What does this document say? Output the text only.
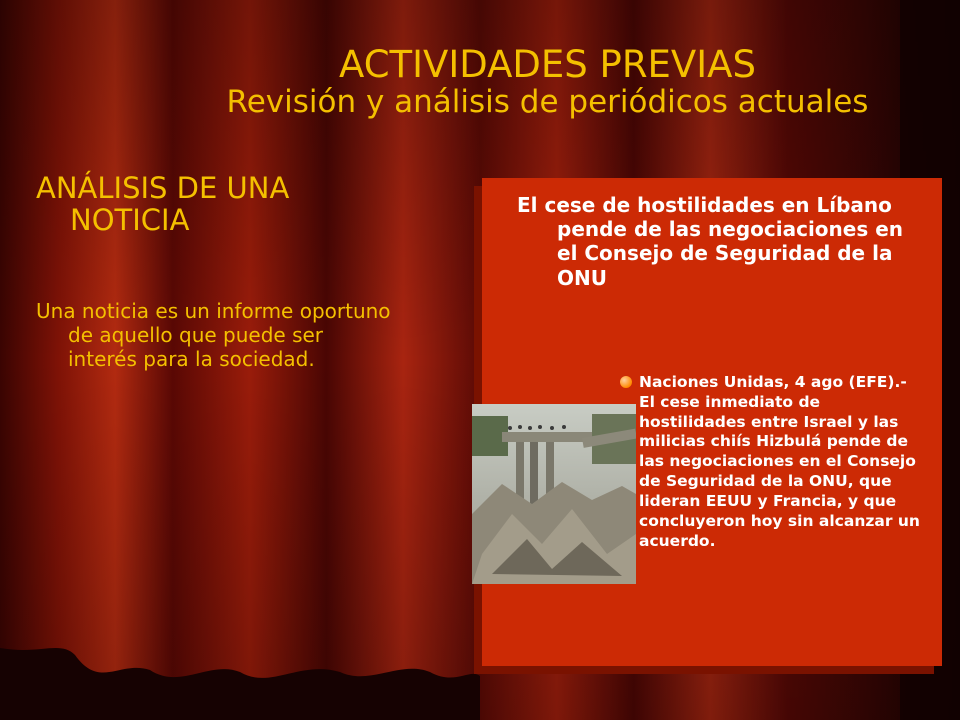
ACTIVIDADES PREVIAS
Revisión y análisis de periódicos actuales

ANÁLISIS DE UNA NOTICIA

Una noticia es un informe oportuno de aquello que puede ser interés para la sociedad.

El cese de hostilidades en Líbano pende de las negociaciones en el Consejo de Seguridad de la ONU

Naciones Unidas, 4 ago (EFE).- El cese inmediato de hostilidades entre Israel y las milicias chiís Hizbulá pende de las negociaciones en el Consejo de Seguridad de la ONU, que lideran EEUU y Francia, y que concluyeron hoy sin alcanzar un acuerdo.
